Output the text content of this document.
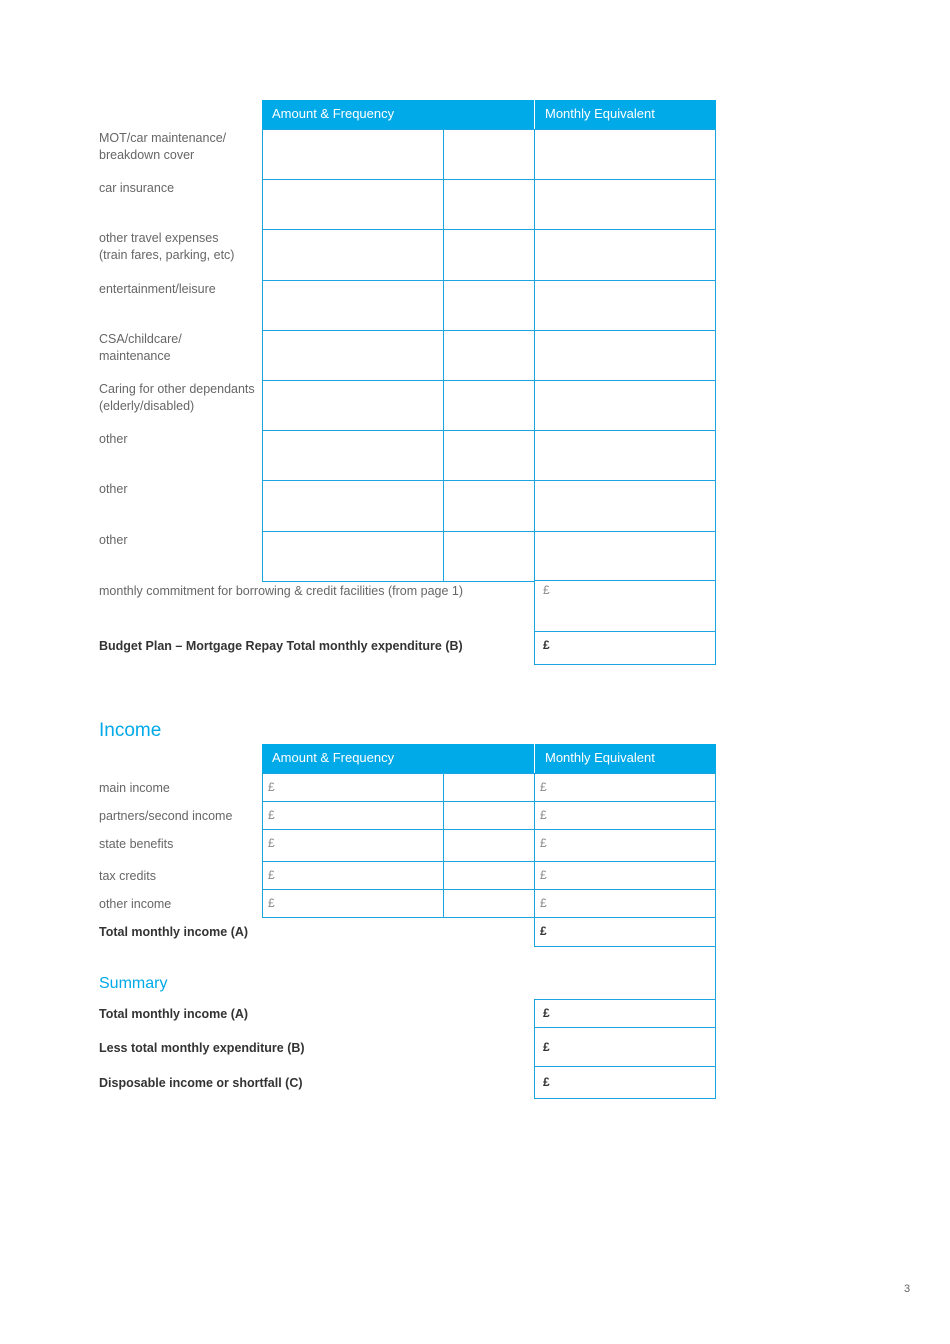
Amount & Frequency	Monthly Equivalent
MOT/car maintenance/
breakdown cover
car insurance
other travel expenses
(train fares, parking, etc)
entertainment/leisure
CSA/childcare/
maintenance
Caring for other dependants
(elderly/disabled)
other
other
other
monthly commitment for borrowing & credit facilities (from page 1)	£
Budget Plan – Mortgage Repay Total monthly expenditure (B)	£
Income
Amount & Frequency	Monthly Equivalent
main income	£	£
partners/second income	£	£
state benefits	£	£
tax credits	£	£
other income	£	£
Total monthly income (A)	£
Summary
Total monthly income (A)	£
Less total monthly expenditure (B)	£
Disposable income or shortfall (C)	£
3
